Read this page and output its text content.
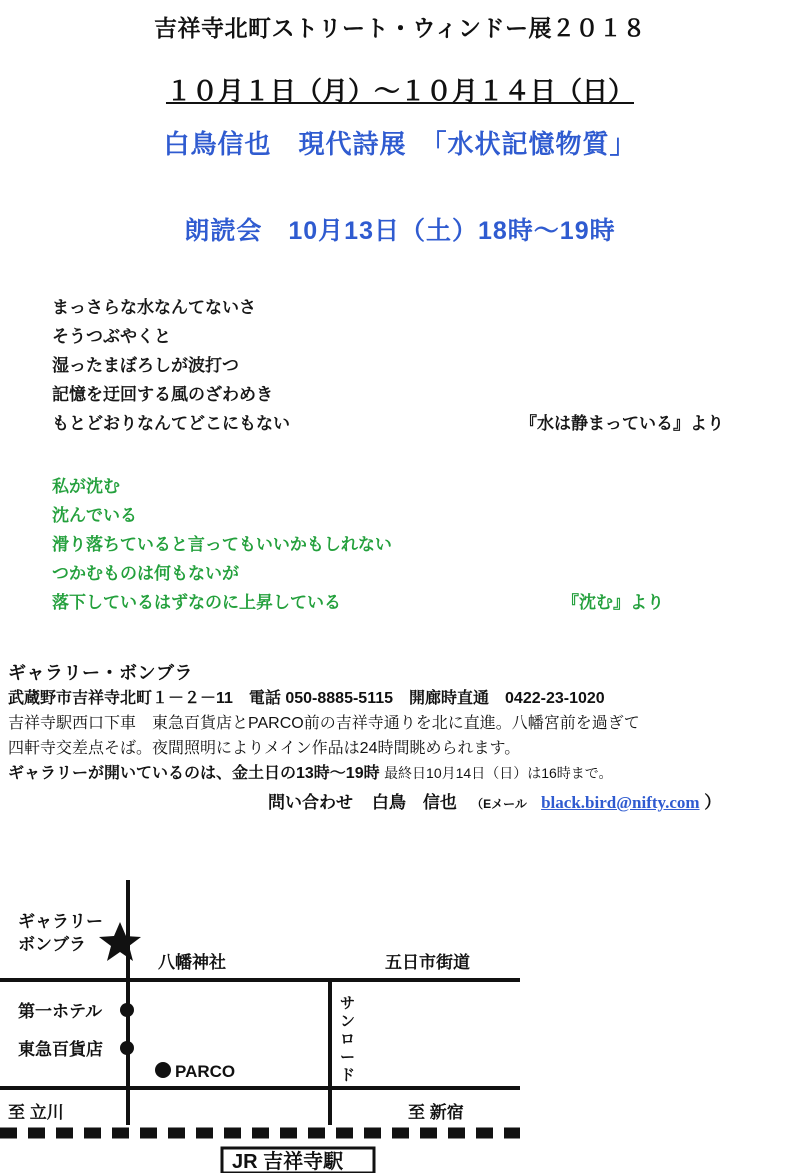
吉祥寺北町ストリート・ウィンドー展２０１８
１０月１日（月）～１０月１４日（日）
白鳥信也　現代詩展　「水状記憶物質」
朗読会　10月13日（土）18時～19時
まっさらな水なんてないさ
そうつぶやくと
湿ったまぼろしが波打つ
記憶を迂回する風のざわめき
もとどおりなんてどこにもない	『水は静まっている』より
私が沈む
沈んでいる
滑り落ちていると言ってもいいかもしれない
つかむものは何もないが
落下しているはずなのに上昇している	『沈む』より
ギャラリー・ボンブラ
武蔵野市吉祥寺北町１－２－11　電話 050-8885-5115　開廊時直通　0422-23-1020
吉祥寺駅西口下車　東急百貨店とPARCO前の吉祥寺通りを北に直進。八幡宮前を過ぎて
四軒寺交差点そば。夜間照明によりメイン作品は24時間眺められます。
ギャラリーが開いているのは、金土日の13時～19時 最終日10月14日（日）は16時まで。
問い合わせ 白鳥　信也 （Eメール black.bird@nifty.com ）
ギャラリー
ボンブラ
八幡神社	五日市街道
第一ホテル
東急百貨店
PARCO
サ
ン
ロ
ー
ド
至 立川	至 新宿
JR 吉祥寺駅
